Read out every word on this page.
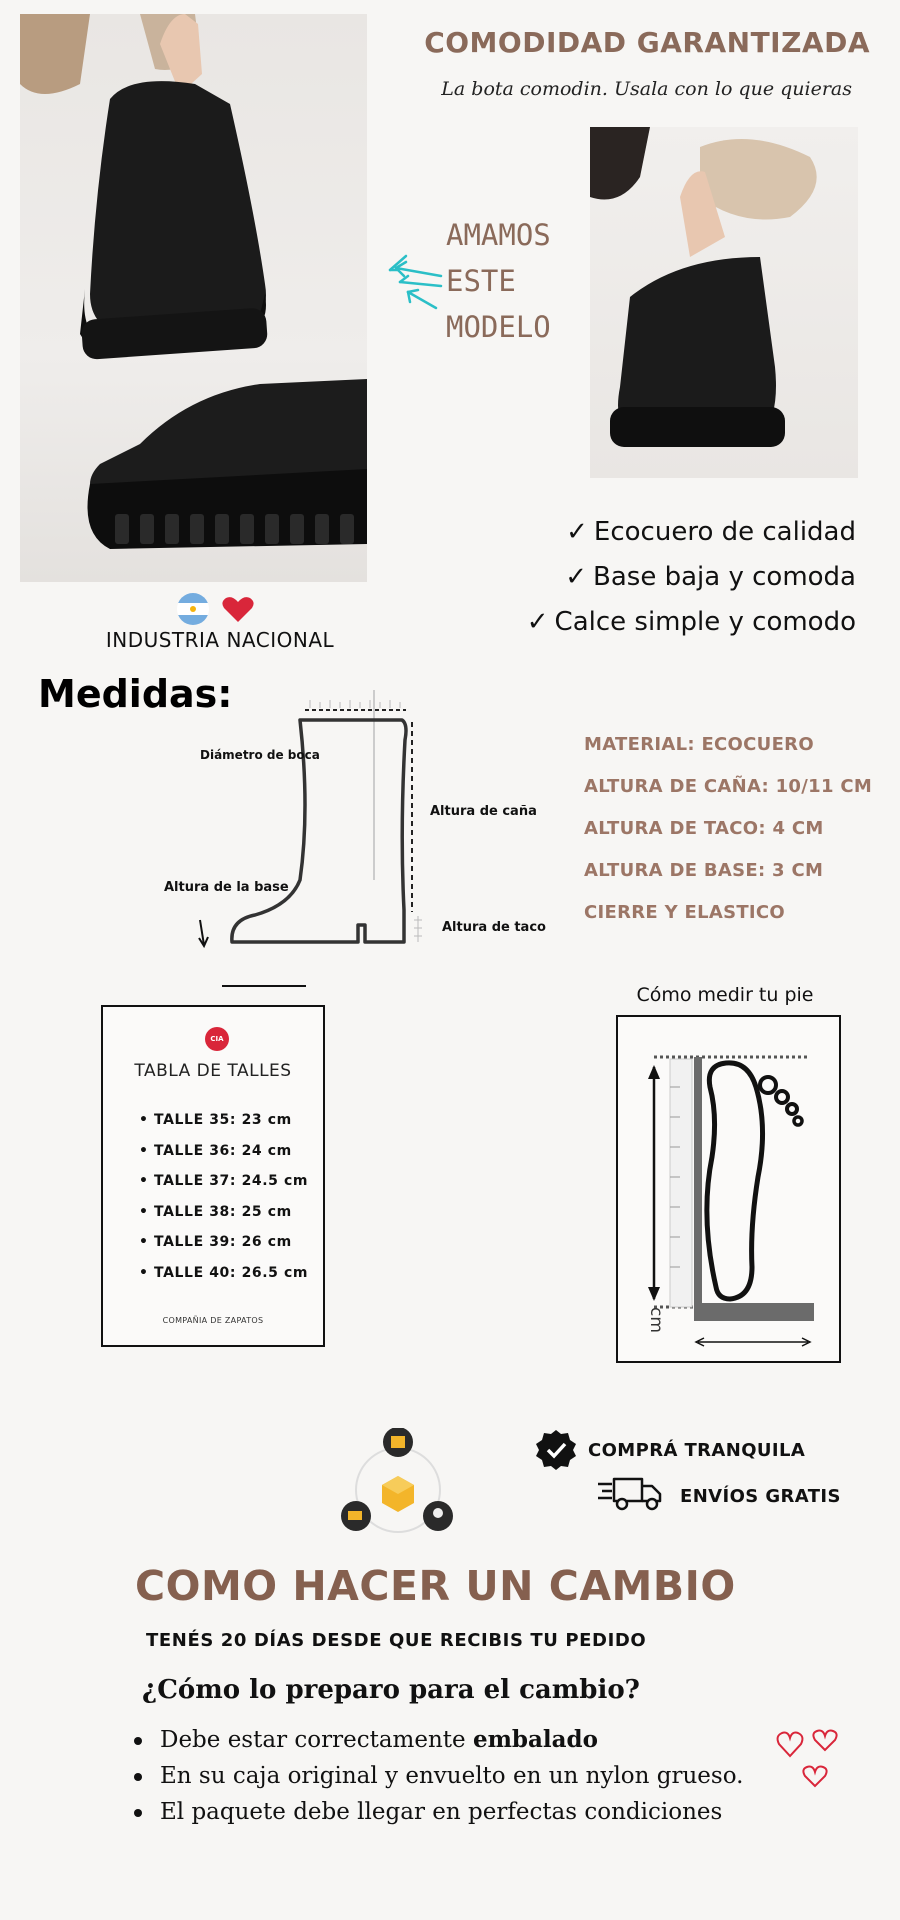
COMODIDAD GARANTIZADA
La bota comodin. Usala con lo que quieras
AMAMOS
ESTE
MODELO
✓ Ecocuero de calidad
✓ Base baja y comoda
✓ Calce simple y comodo
INDUSTRIA NACIONAL
Medidas:
Diámetro de boca
Altura de caña
Altura de la base
Altura de taco
MATERIAL: ECOCUERO
ALTURA DE CAÑA: 10/11 CM
ALTURA DE TACO: 4 CM
ALTURA DE BASE: 3 CM
CIERRE Y ELASTICO
CIA
TABLA DE TALLES
• TALLE 35: 23 cm
• TALLE 36: 24 cm
• TALLE 37: 24.5 cm
• TALLE 38: 25 cm
• TALLE 39: 26 cm
• TALLE 40: 26.5 cm
COMPAÑIA DE ZAPATOS
Cómo medir tu pie
cm
COMPRÁ TRANQUILA
ENVÍOS GRATIS
COMO HACER UN CAMBIO
TENÉS 20 DÍAS DESDE QUE RECIBIS TU PEDIDO
¿Cómo lo preparo para el cambio?
Debe estar correctamente embalado
En su caja original y envuelto en un nylon grueso.
El paquete debe llegar en perfectas condiciones
